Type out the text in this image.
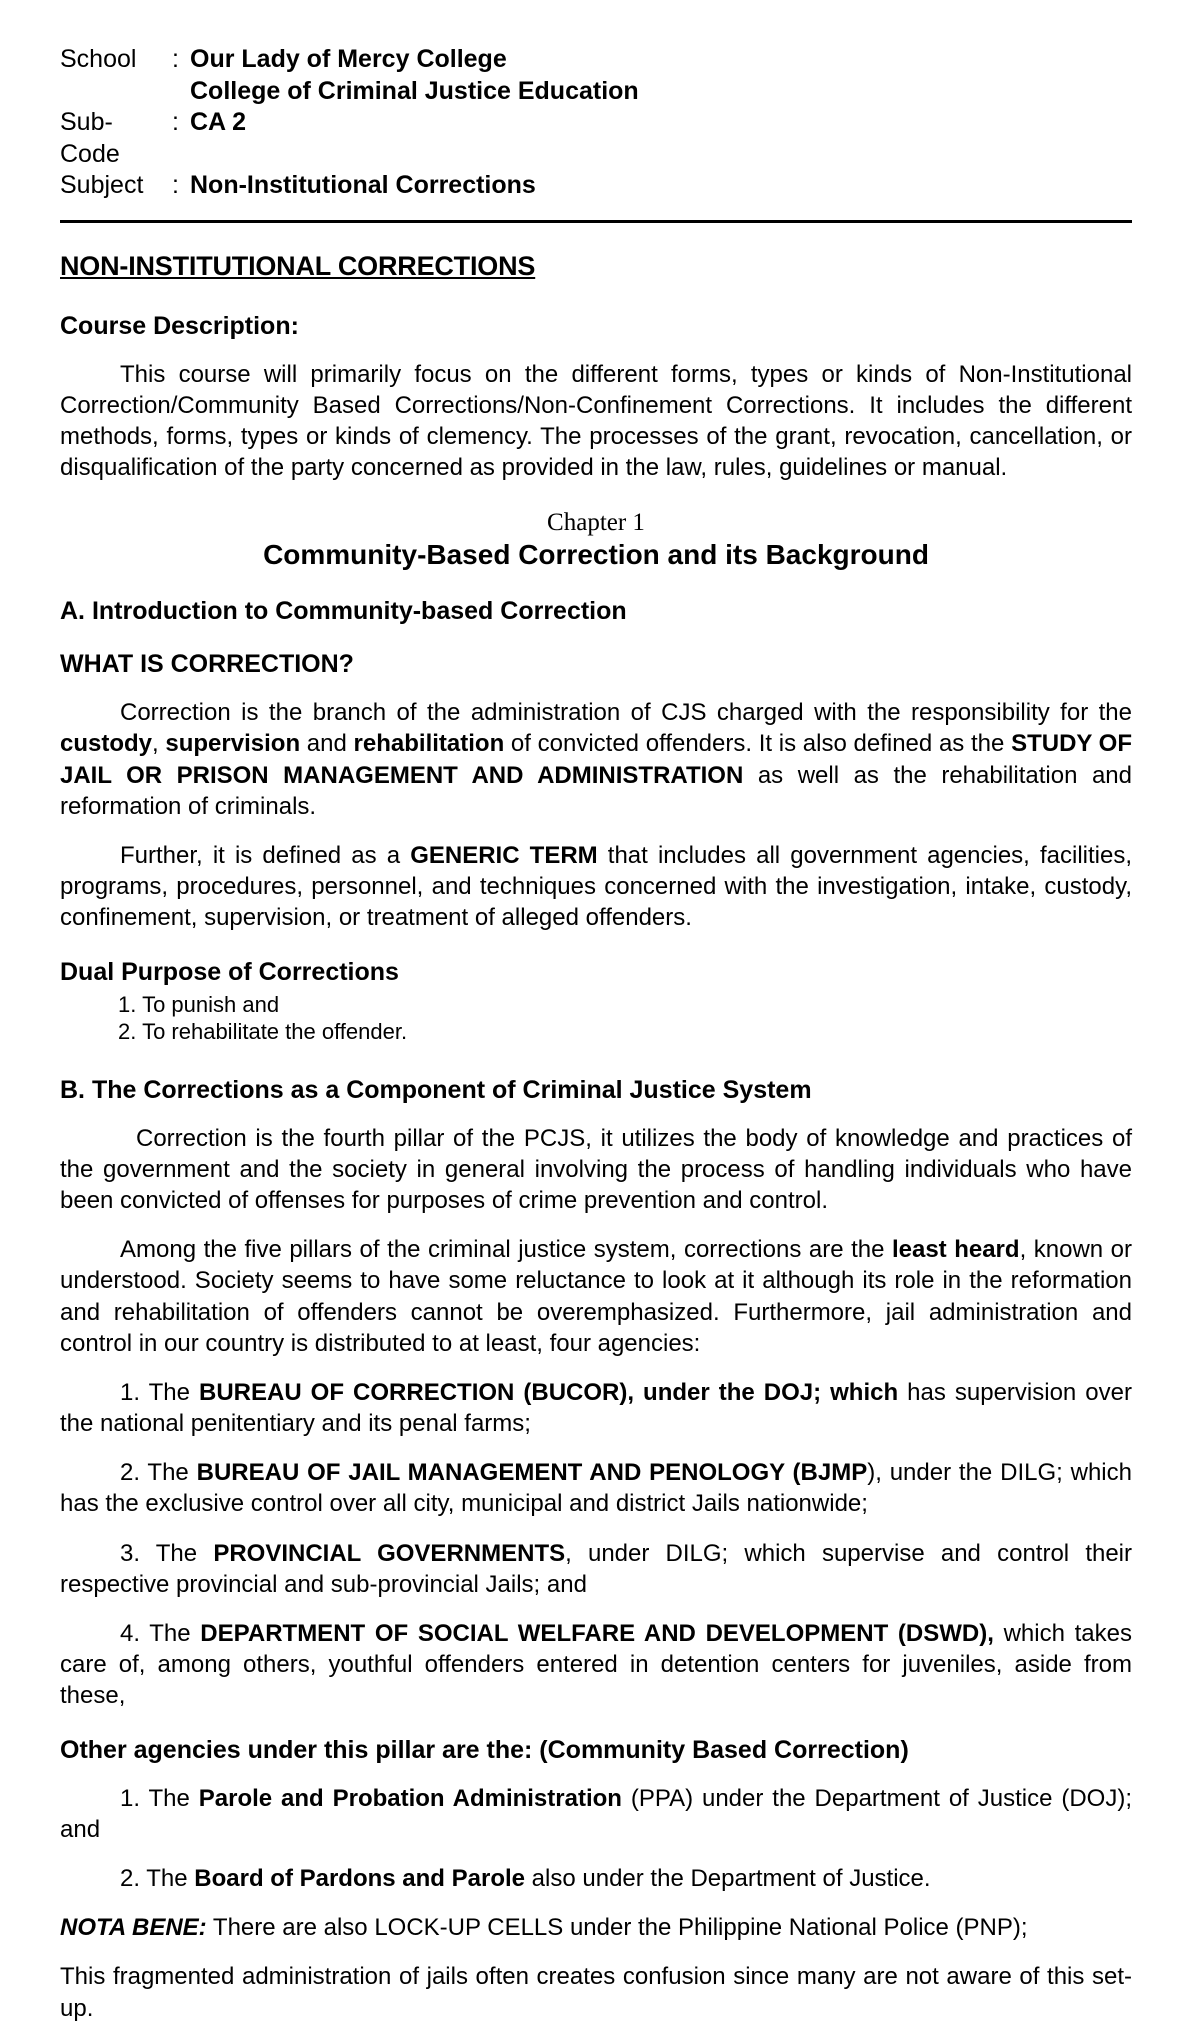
School	: Our Lady of Mercy College
College of Criminal Justice Education
Sub-Code
: CA 2
Subject	: Non-Institutional Corrections
NON-INSTITUTIONAL CORRECTIONS
Course Description:

This course will primarily focus on the different forms, types or kinds of Non-Institutional Correction/Community Based Corrections/Non-Confinement Corrections. It includes the different methods, forms, types or kinds of clemency. The processes of the grant, revocation, cancellation, or disqualification of the party concerned as provided in the law, rules, guidelines or manual.

Chapter 1
Community-Based Correction and its Background
A. Introduction to Community-based Correction
WHAT IS CORRECTION?

Correction is the branch of the administration of CJS charged with the responsibility for the custody, supervision and rehabilitation of convicted offenders. It is also defined as the STUDY OF JAIL OR PRISON MANAGEMENT AND ADMINISTRATION as well as the rehabilitation and reformation of criminals.

Further, it is defined as a GENERIC TERM that includes all government agencies, facilities, programs, procedures, personnel, and techniques concerned with the investigation, intake, custody, confinement, supervision, or treatment of alleged offenders.

Dual Purpose of Corrections
1. To punish and
2. To rehabilitate the offender.
B. The Corrections as a Component of Criminal Justice System

Correction is the fourth pillar of the PCJS, it utilizes the body of knowledge and practices of the government and the society in general involving the process of handling individuals who have been convicted of offenses for purposes of crime prevention and control.

Among the five pillars of the criminal justice system, corrections are the least heard, known or understood. Society seems to have some reluctance to look at it although its role in the reformation and rehabilitation of offenders cannot be overemphasized. Furthermore, jail administration and control in our country is distributed to at least, four agencies:

1. The BUREAU OF CORRECTION (BUCOR), under the DOJ; which has supervision over the national penitentiary and its penal farms;

2. The BUREAU OF JAIL MANAGEMENT AND PENOLOGY (BJMP), under the DILG; which has the exclusive control over all city, municipal and district Jails nationwide;

3. The PROVINCIAL GOVERNMENTS, under DILG; which supervise and control their respective provincial and sub-provincial Jails; and

4. The DEPARTMENT OF SOCIAL WELFARE AND DEVELOPMENT (DSWD), which takes care of, among others, youthful offenders entered in detention centers for juveniles, aside from these,

Other agencies under this pillar are the: (Community Based Correction)

1. The Parole and Probation Administration (PPA) under the Department of Justice (DOJ); and

2. The Board of Pardons and Parole also under the Department of Justice.

NOTA BENE: There are also LOCK-UP CELLS under the Philippine National Police (PNP);

This fragmented administration of jails often creates confusion since many are not aware of this set-up.
